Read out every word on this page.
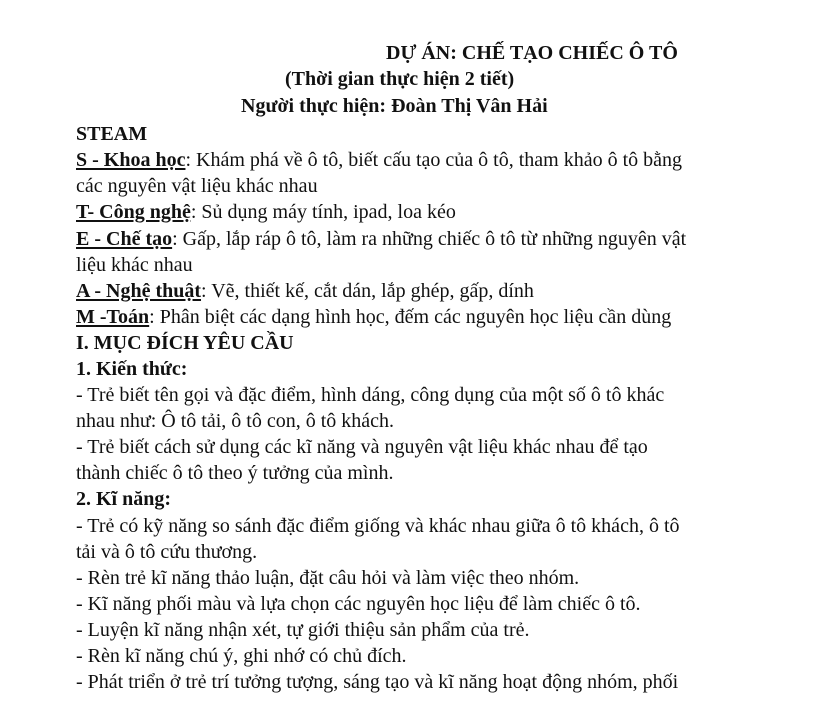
DỰ ÁN: CHẾ TẠO CHIẾC Ô TÔ
(Thời gian thực hiện 2 tiết)
Người thực hiện: Đoàn Thị Vân Hải
STEAM
S - Khoa học: Khám phá về ô tô, biết cấu tạo của ô tô, tham khảo ô tô bằng
các nguyên vật liệu khác nhau
T- Công nghệ: Sủ dụng máy tính, ipad, loa kéo
E - Chế tạo: Gấp, lắp ráp ô tô, làm ra những chiếc ô tô từ những nguyên vật
liệu khác nhau
A - Nghệ thuật: Vẽ, thiết kế, cắt dán, lắp ghép, gấp, dính
M -Toán: Phân biệt các dạng hình học, đếm các nguyên học liệu cần dùng
I. MỤC ĐÍCH YÊU CẦU
1. Kiến thức:
- Trẻ biết tên gọi và đặc điểm, hình dáng, công dụng của một số ô tô khác
nhau như: Ô tô tải, ô tô con, ô tô khách.
- Trẻ biết cách sử dụng các kĩ năng và nguyên vật liệu khác nhau để tạo
thành chiếc ô tô theo ý tưởng của mình.
2. Kĩ năng:
- Trẻ có kỹ năng so sánh đặc điểm giống và khác nhau giữa ô tô khách, ô tô
tải và ô tô cứu thương.
- Rèn trẻ kĩ năng thảo luận, đặt câu hỏi và làm việc theo nhóm.
- Kĩ năng phối màu và lựa chọn các nguyên học liệu để làm chiếc ô tô.
- Luyện kĩ năng nhận xét, tự giới thiệu sản phẩm của trẻ.
- Rèn kĩ năng chú ý, ghi nhớ có chủ đích.
- Phát triển ở trẻ trí tưởng tượng, sáng tạo và kĩ năng hoạt động nhóm, phối
